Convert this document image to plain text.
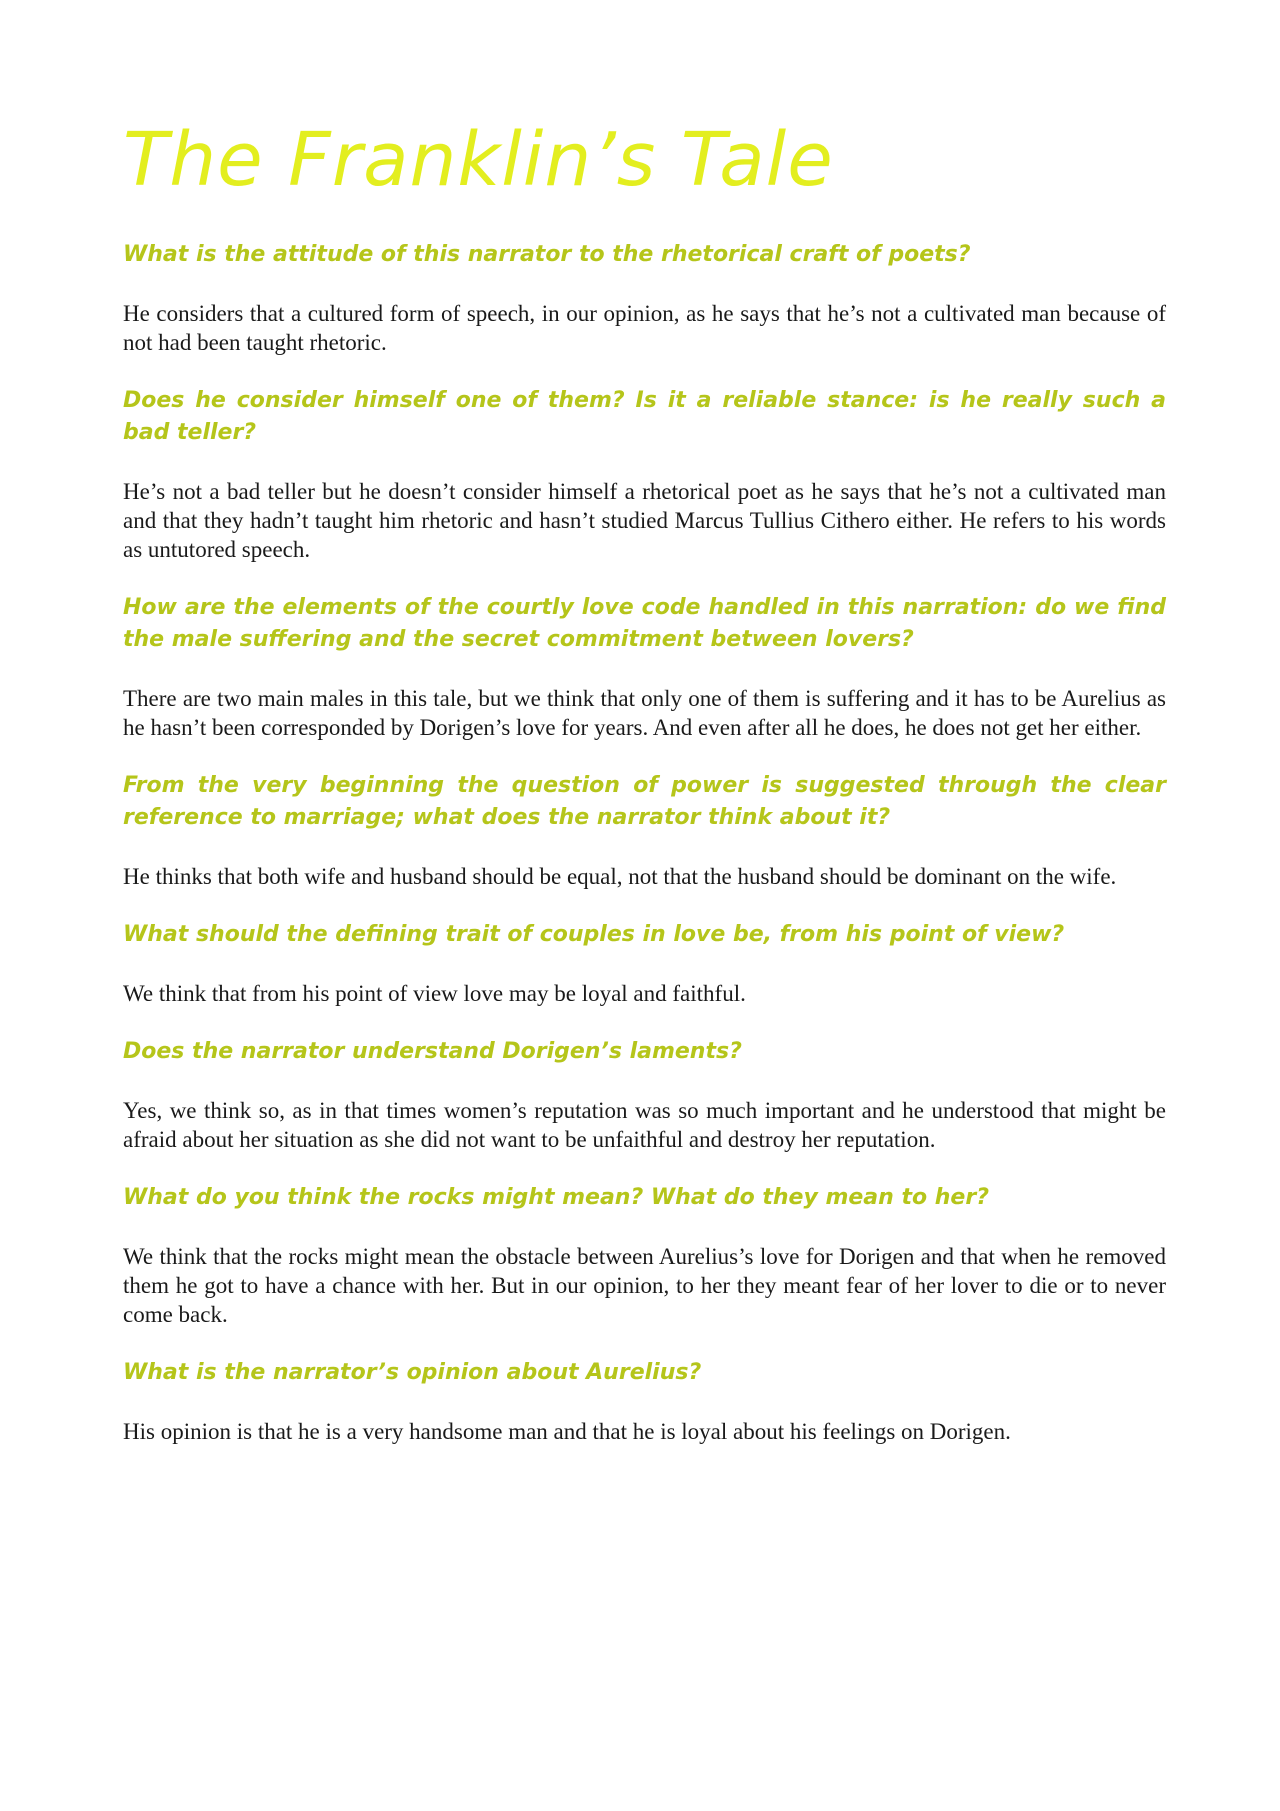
The Franklin’s Tale

What is the attitude of this narrator to the rhetorical craft of poets?

He considers that a cultured form of speech, in our opinion, as he says that he’s not a cultivated man because of not had been taught rhetoric.

Does he consider himself one of them? Is it a reliable stance: is he really such a bad teller?

He’s not a bad teller but he doesn’t consider himself a rhetorical poet as he says that he’s not a cultivated man and that they hadn’t taught him rhetoric and hasn’t studied Marcus Tullius Cithero either. He refers to his words as untutored speech.

How are the elements of the courtly love code handled in this narration: do we find the male suffering and the secret commitment between lovers?

There are two main males in this tale, but we think that only one of them is suffering and it has to be Aurelius as he hasn’t been corresponded by Dorigen’s love for years. And even after all he does, he does not get her either.

From the very beginning the question of power is suggested through the clear reference to marriage; what does the narrator think about it?

He thinks that both wife and husband should be equal, not that the husband should be dominant on the wife.

What should the defining trait of couples in love be, from his point of view?

We think that from his point of view love may be loyal and faithful.

Does the narrator understand Dorigen’s laments?

Yes, we think so, as in that times women’s reputation was so much important and he understood that might be afraid about her situation as she did not want to be unfaithful and destroy her reputation.

What do you think the rocks might mean? What do they mean to her?

We think that the rocks might mean the obstacle between Aurelius’s love for Dorigen and that when he removed them he got to have a chance with her. But in our opinion, to her they meant fear of her lover to die or to never come back.

What is the narrator’s opinion about Aurelius?

His opinion is that he is a very handsome man and that he is loyal about his feelings on Dorigen.
